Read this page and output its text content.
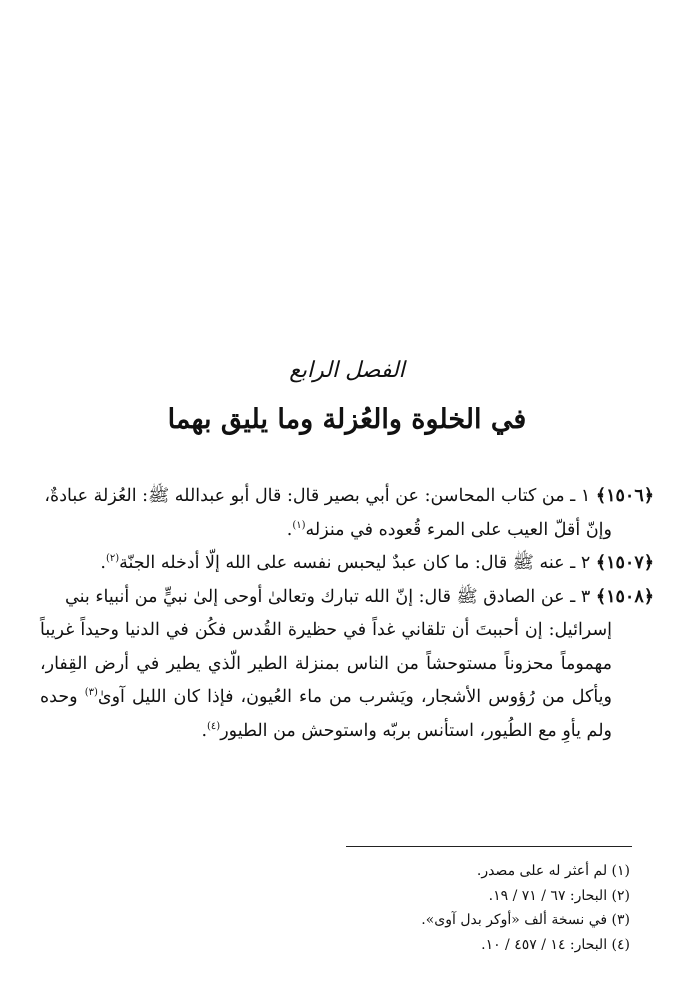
الفصل الرابع
في الخلوة والعُزلة وما يليق بهما

﴿١٥٠٦﴾ ١ ـ من كتاب المحاسن: عن أبي بصير قال: قال أبو عبدالله ﷺ: العُزلة عبادةٌ،
وإنّ أقلّ العيب على المرء قُعوده في منزله$^{(١)}$.

﴿١٥٠٧﴾ ٢ ـ عنه ﷺ قال: ما كان عبدٌ ليحبس نفسه على الله إلّا أدخله الجنّة$^{(٢)}$.

﴿١٥٠٨﴾ ٣ ـ عن الصادق ﷺ قال: إنّ الله تبارك وتعالىٰ أوحى إلىٰ نبيٍّ من أنبياء بني
إسرائيل: إن أحببتَ أن تلقاني غداً في حظيرة القُدس فكُن في الدنيا وحيداً غريباً مهموماً محزوناً مستوحشاً من الناس بمنزلة الطير الّذي يطير في أرض القِفار، ويأكل من رُؤوس الأشجار، ويَشرب من ماء العُيون، فإذا كان الليل آوىٰ$^{(٣)}$ وحده ولم يأوِ مع الطُيور، استأنس بربّه واستوحش من الطيور$^{(٤)}$.

(١) لم أعثر له على مصدر.

(٢) البحار: ٦٧ / ٧١ / ١٩.

(٣) في نسخة ألف «أوكر بدل آوى».

(٤) البحار: ١٤ / ٤٥٧ / ١٠.
